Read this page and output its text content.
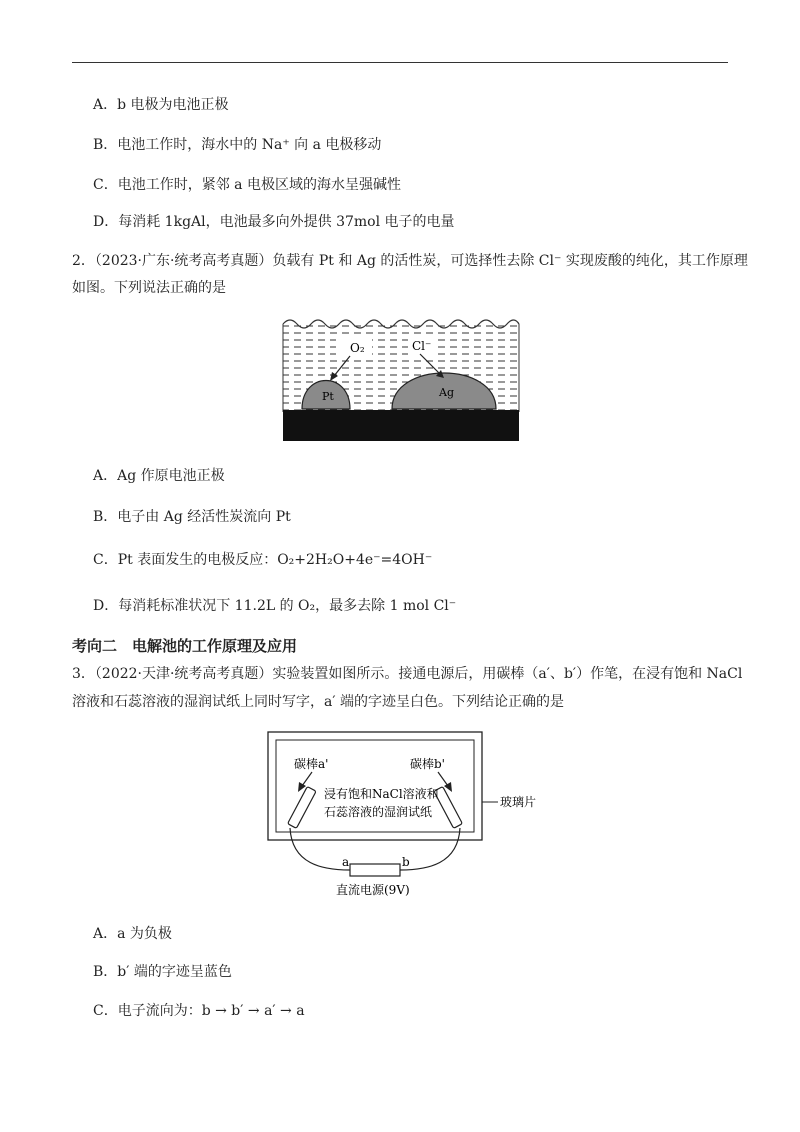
A．b 电极为电池正极
B．电池工作时，海水中的 Na⁺ 向 a 电极移动
C．电池工作时，紧邻 a 电极区域的海水呈强碱性
D．每消耗 1kgAl，电池最多向外提供 37mol 电子的电量
2．（2023·广东·统考高考真题）负载有 Pt 和 Ag 的活性炭，可选择性去除 Cl⁻ 实现废酸的纯化，其工作原理
如图。下列说法正确的是
O₂	Cl⁻
Pt	Ag
A．Ag 作原电池正极
B．电子由 Ag 经活性炭流向 Pt
C．Pt 表面发生的电极反应：O₂+2H₂O+4e⁻=4OH⁻
D．每消耗标准状况下 11.2L 的 O₂，最多去除 1 mol Cl⁻
考向二　电解池的工作原理及应用
3．（2022·天津·统考高考真题）实验装置如图所示。接通电源后，用碳棒（a′、b′）作笔，在浸有饱和 NaCl
溶液和石蕊溶液的湿润试纸上同时写字，a′ 端的字迹呈白色。下列结论正确的是
碳棒a'	碳棒b'
浸有饱和NaCl溶液和
石蕊溶液的湿润试纸
玻璃片
a	b
直流电源(9V)
A．a 为负极
B．b′ 端的字迹呈蓝色
C．电子流向为：b → b′ → a′ → a
